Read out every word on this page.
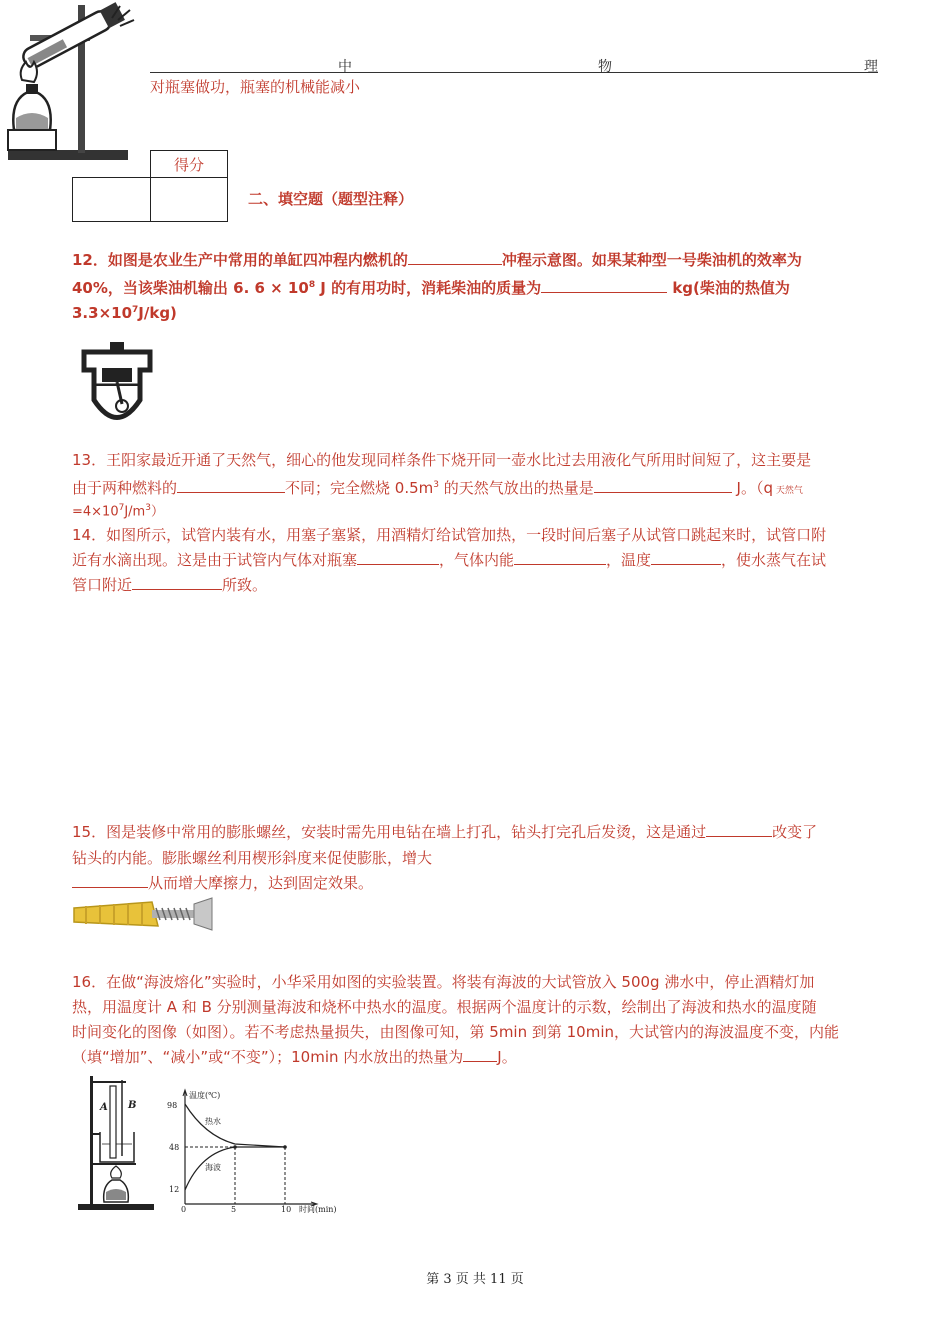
中	物	理
对瓶塞做功，瓶塞的机械能减小
	得分

二、填空题（题型注释）
12．如图是农业生产中常用的单缸四冲程内燃机的	冲程示意图。如果某种型一号柴油机的效率为
40%，当该柴油机输出 6. $6 \times 10^8$ J 的有用功时，消耗柴油的质量为	kg(柴油的热值为
$3.3\times 10^7J/kg$)
13．王阳家最近开通了天然气，细心的他发现同样条件下烧开同一壶水比过去用液化气所用时间短了，这主要是
由于两种燃料的	不同；完全燃烧 $0.5m^3$ 的天然气放出的热量是	J。（q 天然气
$=4\times 10^7J/m^3$）
14．如图所示，试管内装有水，用塞子塞紧，用酒精灯给试管加热，一段时间后塞子从试管口跳起来时，试管口附
近有水滴出现。这是由于试管内气体对瓶塞	，气体内能	，温度	，使水蒸气在试
管口附近	所致。
15．图是装修中常用的膨胀螺丝，安装时需先用电钻在墙上打孔，钻头打完孔后发烫，这是通过	改变了
钻头的内能。膨胀螺丝利用楔形斜度来促使膨胀，增大
从而增大摩擦力，达到固定效果。
16．在做“海波熔化”实验时，小华采用如图的实验装置。将装有海波的大试管放入 500g 沸水中，停止酒精灯加
热，用温度计 A 和 B 分别测量海波和烧杯中热水的温度。根据两个温度计的示数，绘制出了海波和热水的温度随
时间变化的图像（如图）。若不考虑热量损失，由图像可知，第 5min 到第 10min，大试管内的海波温度不变，内能
（填“增加”、“减小”或“不变”）；10min 内水放出的热量为 J。
A B
温度(℃)
98
48
12
0	5	10 时间(min)
热水
海波
第 3 页 共 11 页
